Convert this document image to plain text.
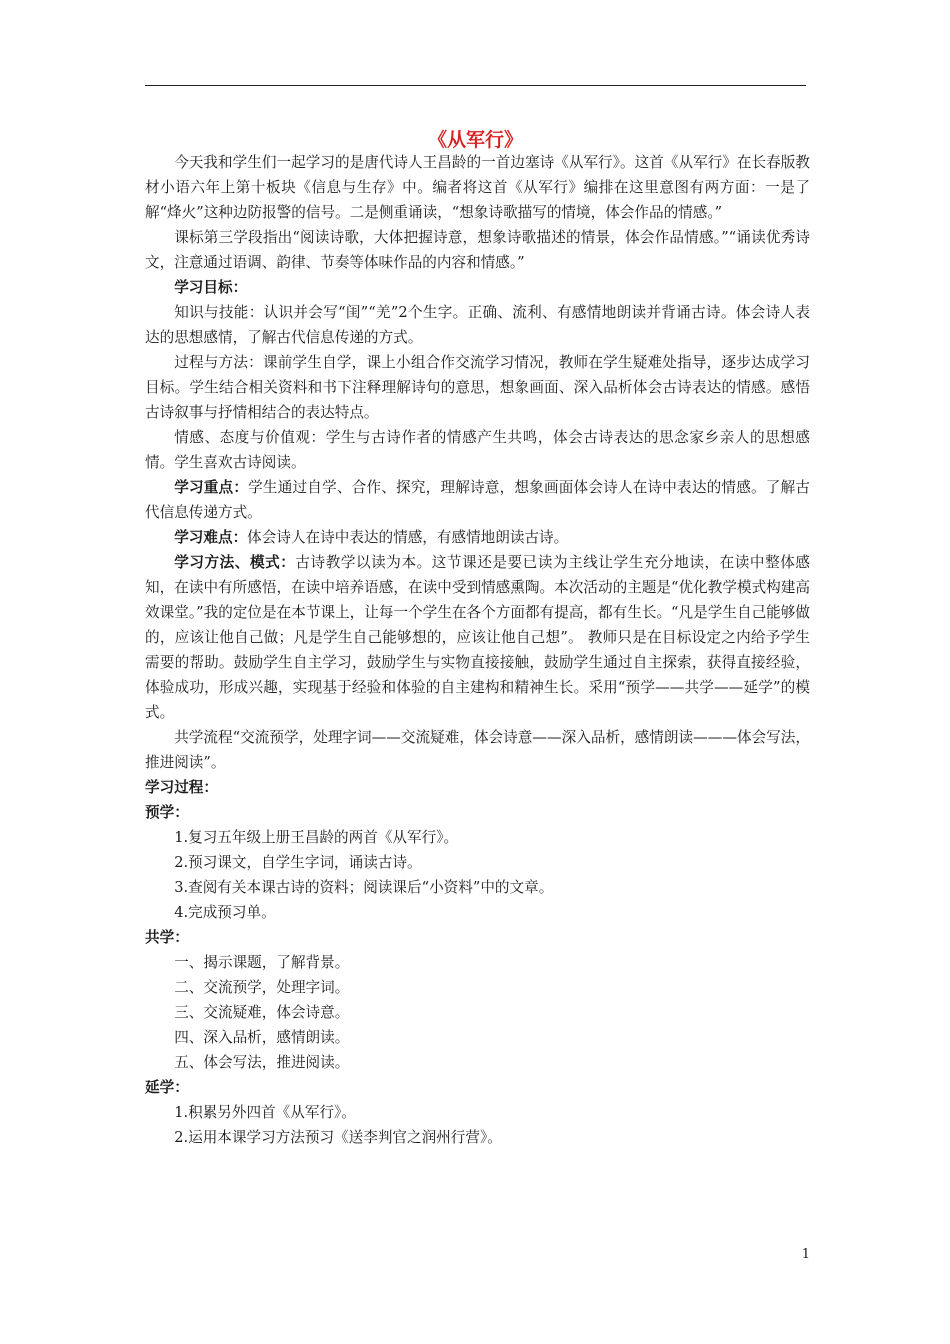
《从军行》

今天我和学生们一起学习的是唐代诗人王昌龄的一首边塞诗《从军行》。这首《从军行》在长春版教材小语六年上第十板块《信息与生存》中。编者将这首《从军行》编排在这里意图有两方面：一是了解“烽火”这种边防报警的信号。二是侧重诵读，“想象诗歌描写的情境，体会作品的情感。”

课标第三学段指出“阅读诗歌，大体把握诗意，想象诗歌描述的情景，体会作品情感。”“诵读优秀诗文，注意通过语调、韵律、节奏等体味作品的内容和情感。”

学习目标：

知识与技能：认识并会写“闺”“羌”2个生字。正确、流利、有感情地朗读并背诵古诗。体会诗人表达的思想感情，了解古代信息传递的方式。

过程与方法：课前学生自学，课上小组合作交流学习情况，教师在学生疑难处指导，逐步达成学习目标。学生结合相关资料和书下注释理解诗句的意思，想象画面、深入品析体会古诗表达的情感。感悟古诗叙事与抒情相结合的表达特点。

情感、态度与价值观：学生与古诗作者的情感产生共鸣，体会古诗表达的思念家乡亲人的思想感情。学生喜欢古诗阅读。

学习重点：学生通过自学、合作、探究，理解诗意，想象画面体会诗人在诗中表达的情感。了解古代信息传递方式。

学习难点：体会诗人在诗中表达的情感，有感情地朗读古诗。

学习方法、模式：古诗教学以读为本。这节课还是要已读为主线让学生充分地读，在读中整体感知，在读中有所感悟，在读中培养语感，在读中受到情感熏陶。本次活动的主题是“优化教学模式构建高效课堂。”我的定位是在本节课上，让每一个学生在各个方面都有提高，都有生长。“凡是学生自己能够做的，应该让他自己做；凡是学生自己能够想的，应该让他自己想”。 教师只是在目标设定之内给予学生需要的帮助。鼓励学生自主学习，鼓励学生与实物直接接触，鼓励学生通过自主探索，获得直接经验，体验成功，形成兴趣，实现基于经验和体验的自主建构和精神生长。采用“预学——共学——延学”的模式。

共学流程“交流预学，处理字词——交流疑难，体会诗意——深入品析，感情朗读———体会写法，推进阅读”。

学习过程：

预学：

1.复习五年级上册王昌龄的两首《从军行》。

2.预习课文，自学生字词，诵读古诗。

3.查阅有关本课古诗的资料；阅读课后“小资料”中的文章。

4.完成预习单。

共学：

一、揭示课题，了解背景。

二、交流预学，处理字词。

三、交流疑难，体会诗意。

四、深入品析，感情朗读。

五、体会写法，推进阅读。

延学：

1.积累另外四首《从军行》。

2.运用本课学习方法预习《送李判官之润州行营》。

1
